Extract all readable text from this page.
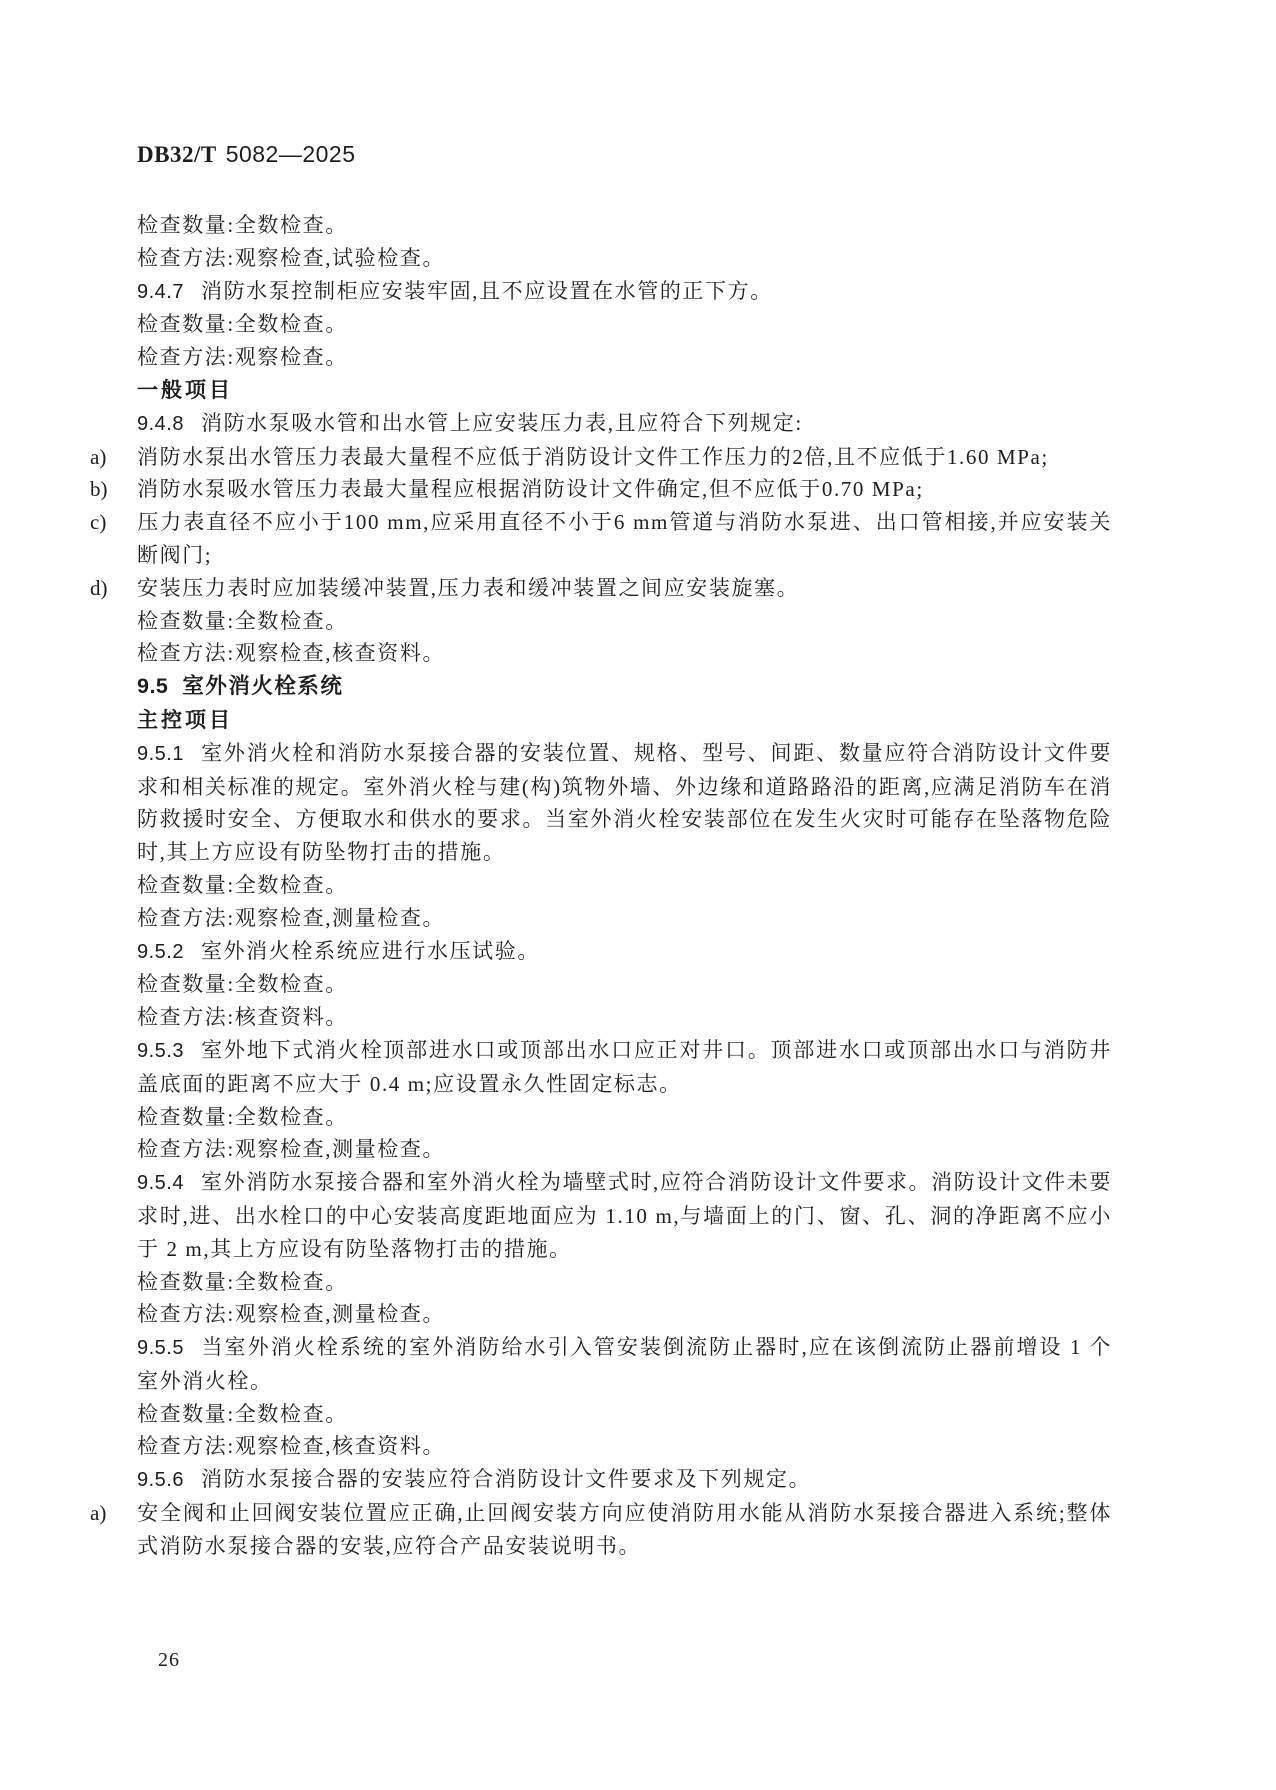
DB32/T 5082—2025

检查数量:全数检查。

检查方法:观察检查,试验检查。

9.4.7 消防水泵控制柜应安装牢固,且不应设置在水管的正下方。

检查数量:全数检查。

检查方法:观察检查。

一般项目

9.4.8 消防水泵吸水管和出水管上应安装压力表,且应符合下列规定:

a) 消防水泵出水管压力表最大量程不应低于消防设计文件工作压力的2倍,且不应低于1.60 MPa;

b) 消防水泵吸水管压力表最大量程应根据消防设计文件确定,但不应低于0.70 MPa;

c) 压力表直径不应小于100 mm,应采用直径不小于6 mm管道与消防水泵进、出口管相接,并应安装关断阀门;

d) 安装压力表时应加装缓冲装置,压力表和缓冲装置之间应安装旋塞。

检查数量:全数检查。

检查方法:观察检查,核查资料。

9.5 室外消火栓系统

主控项目

9.5.1 室外消火栓和消防水泵接合器的安装位置、规格、型号、间距、数量应符合消防设计文件要求和相关标准的规定。室外消火栓与建(构)筑物外墙、外边缘和道路路沿的距离,应满足消防车在消防救援时安全、方便取水和供水的要求。当室外消火栓安装部位在发生火灾时可能存在坠落物危险时,其上方应设有防坠物打击的措施。

检查数量:全数检查。

检查方法:观察检查,测量检查。

9.5.2 室外消火栓系统应进行水压试验。

检查数量:全数检查。

检查方法:核查资料。

9.5.3 室外地下式消火栓顶部进水口或顶部出水口应正对井口。顶部进水口或顶部出水口与消防井盖底面的距离不应大于 0.4 m;应设置永久性固定标志。

检查数量:全数检查。

检查方法:观察检查,测量检查。

9.5.4 室外消防水泵接合器和室外消火栓为墙壁式时,应符合消防设计文件要求。消防设计文件未要求时,进、出水栓口的中心安装高度距地面应为 1.10 m,与墙面上的门、窗、孔、洞的净距离不应小于 2 m,其上方应设有防坠落物打击的措施。

检查数量:全数检查。

检查方法:观察检查,测量检查。

9.5.5 当室外消火栓系统的室外消防给水引入管安装倒流防止器时,应在该倒流防止器前增设 1 个室外消火栓。

检查数量:全数检查。

检查方法:观察检查,核查资料。

9.5.6 消防水泵接合器的安装应符合消防设计文件要求及下列规定。

a) 安全阀和止回阀安装位置应正确,止回阀安装方向应使消防用水能从消防水泵接合器进入系统;整体式消防水泵接合器的安装,应符合产品安装说明书。

26
